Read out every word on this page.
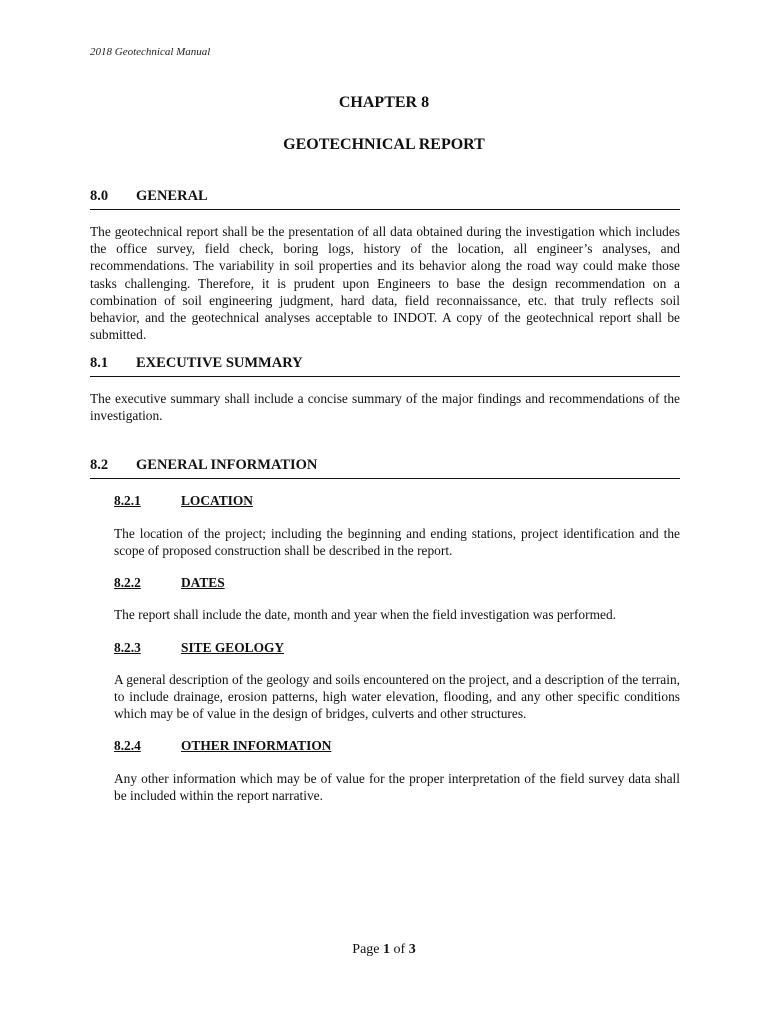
2018 Geotechnical Manual
CHAPTER 8
GEOTECHNICAL REPORT
8.0 GENERAL

The geotechnical report shall be the presentation of all data obtained during the investigation which includes the office survey, field check, boring logs, history of the location, all engineer’s analyses, and recommendations. The variability in soil properties and its behavior along the road way could make those tasks challenging. Therefore, it is prudent upon Engineers to base the design recommendation on a combination of soil engineering judgment, hard data, field reconnaissance, etc. that truly reflects soil behavior, and the geotechnical analyses acceptable to INDOT. A copy of the geotechnical report shall be submitted.

8.1 EXECUTIVE SUMMARY

The executive summary shall include a concise summary of the major findings and recommendations of the investigation.

8.2 GENERAL INFORMATION
8.2.1	LOCATION

The location of the project; including the beginning and ending stations, project identification and the scope of proposed construction shall be described in the report.

8.2.2	DATES

The report shall include the date, month and year when the field investigation was performed.

8.2.3	SITE GEOLOGY

A general description of the geology and soils encountered on the project, and a description of the terrain, to include drainage, erosion patterns, high water elevation, flooding, and any other specific conditions which may be of value in the design of bridges, culverts and other structures.

8.2.4	OTHER INFORMATION

Any other information which may be of value for the proper interpretation of the field survey data shall be included within the report narrative.

Page 1 of 3
